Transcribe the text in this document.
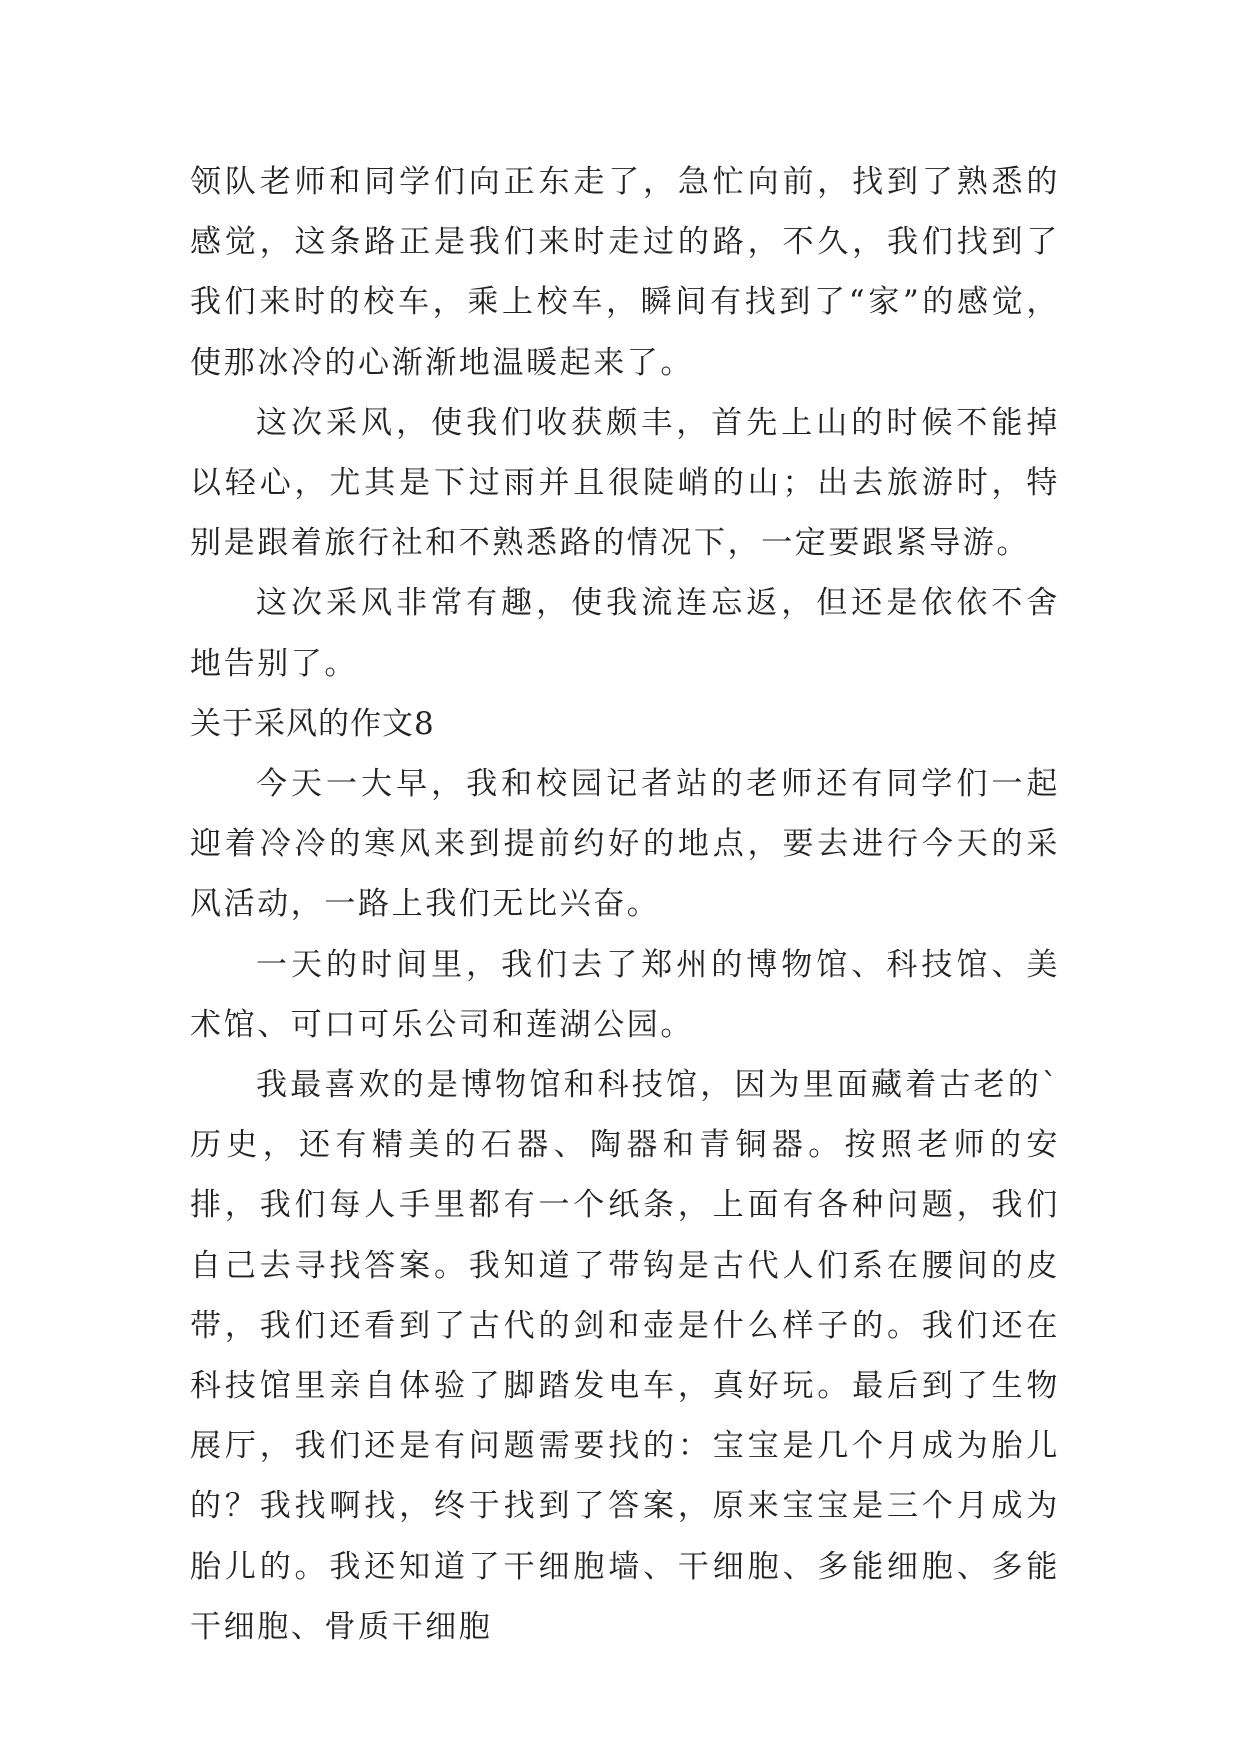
领队老师和同学们向正东走了，急忙向前，找到了熟悉的感觉，这条路正是我们来时走过的路，不久，我们找到了我们来时的校车，乘上校车，瞬间有找到了“家”的感觉，使那冰冷的心渐渐地温暖起来了。

这次采风，使我们收获颇丰，首先上山的时候不能掉以轻心，尤其是下过雨并且很陡峭的山；出去旅游时，特别是跟着旅行社和不熟悉路的情况下，一定要跟紧导游。

这次采风非常有趣，使我流连忘返，但还是依依不舍地告别了。

关于采风的作文8

今天一大早，我和校园记者站的老师还有同学们一起迎着冷冷的寒风来到提前约好的地点，要去进行今天的采风活动，一路上我们无比兴奋。

一天的时间里，我们去了郑州的博物馆、科技馆、美术馆、可口可乐公司和莲湖公园。

我最喜欢的是博物馆和科技馆，因为里面藏着古老的`历史，还有精美的石器、陶器和青铜器。按照老师的安排，我们每人手里都有一个纸条，上面有各种问题，我们自己去寻找答案。我知道了带钩是古代人们系在腰间的皮带，我们还看到了古代的剑和壶是什么样子的。我们还在科技馆里亲自体验了脚踏发电车，真好玩。最后到了生物展厅，我们还是有问题需要找的：宝宝是几个月成为胎儿的？我找啊找，终于找到了答案，原来宝宝是三个月成为胎儿的。我还知道了干细胞墙、干细胞、多能细胞、多能干细胞、骨质干细胞
